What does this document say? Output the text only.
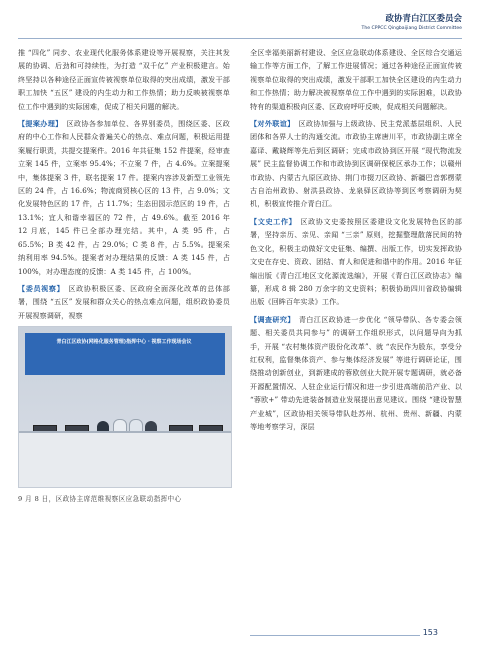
政协青白江区委员会
The CPPCC Qingbaijiang District Committee

推 “四化” 同步、农业现代化服务体系建设等开展视察，关注其发展的协调、后劲和可持续性，为打造 “双千亿” 产业积极建言。始终坚持以各种途径正面宣传被视察单位取得的突出成绩，激发干部职工加快 “五区” 建设的内生动力和工作热情；助力反映被视察单位工作中遇到的实际困难，促成了相关问题的解决。

【提案办理】 区政协各参加单位、各界别委员，围绕区委、区政府的中心工作和人民群众普遍关心的热点、难点问题，积极运用提案履行职责，共提交提案件。2016 年共征集 152 件提案，经审查立案 145 件，立案率 95.4%；不立案 7 件，占 4.6%。立案提案中，集体提案 3 件，联名提案 17 件。提案内容涉及新型工业领先区的 24 件，占 16.6%；物流商贸核心区的 13 件，占 9.0%；文化发展特色区的 17 件，占 11.7%；生态田园示范区的 19 件，占 13.1%；宜人和谐幸福区的 72 件，占 49.6%。截至 2016 年 12 月底，145 件已全部办理完结。其中，A 类 95 件，占 65.5%；B 类 42 件，占 29.0%；C 类 8 件，占 5.5%。提案采纳利用率 94.5%。提案者对办理结果的反馈：A 类 145 件，占 100%，对办理态度的反馈：A 类 145 件，占 100%。

【委员视察】 区政协积极区委、区政府全面深化改革的总体部署，围绕 “五区” 发展和群众关心的热点难点问题，组织政协委员开展视察调研，视察

青白江区政协(网格化服务管理)指挥中心 · 视察工作现场会议
9 月 8 日，区政协主席范维视察区应急联动指挥中心

全区幸福美丽新村建设、全区应急联动体系建设、全区综合交通运输工作等方面工作，了解工作进展情况；通过各种途径正面宣传被视察单位取得的突出成绩，激发干部职工加快全区建设的内生动力和工作热情；助力解决被视察单位工作中遇到的实际困难，以政协特有的渠道积极向区委、区政府呼吁反映，促成相关问题解决。

【对外联谊】 区政协加强与上级政协、民主党派基层组织、人民团体和各界人士的沟通交流。市政协主席唐川平，市政协副主席全嘉译、戴晓辉等先后到区调研；完成市政协到区开展 “现代物流发展” 民主监督协调工作和市政协到区调研保税区承办工作；以赣州市政协、内蒙古九原区政协、荆门市掇刀区政协、新疆巴音郭楞蒙古自治州政协、射洪县政协、龙泉驿区政协等到区考察调研为契机，积极宣传推介青白江。

【文史工作】 区政协文史委按照区委建设文化发展特色区的部署，坚持亲历、亲见、亲闻 “三亲” 原则，挖掘整理散落民间的特色文化，积极主动做好文史征集、编撰、出版工作，切实发挥政协文史在存史、资政、团结、育人和促进和谐中的作用。2016 年征编出版《青白江地区文化源流选编》，开展《青白江区政协志》编纂，形成 8 辑 280 万余字的文史资料；积极协助四川省政协编辑出版《回眸百年实录》工作。

【调查研究】 青白江区政协进一步优化 “领导带队、各专委会领题、相关委员共同参与” 的调研工作组织形式，以问题导向为抓手，开展 “农村集体资产股份化改革”、就 “农民作为股东，享受分红权利，监督集体资产、参与集体经济发展” 等进行调研论证，围绕推动创新创业，到新建成的蓉欧创业大院开展专题调研，就必备开源配置情况、人驻企业运行情况和进一步引进高端前沿产业、以 “蓉欧+” 带动先进装备制造业发展提出意见建议。围绕 “建设智慧产业城”，区政协相关领导带队赴苏州、杭州、贵州、新疆、内蒙等地考察学习，深层

153
